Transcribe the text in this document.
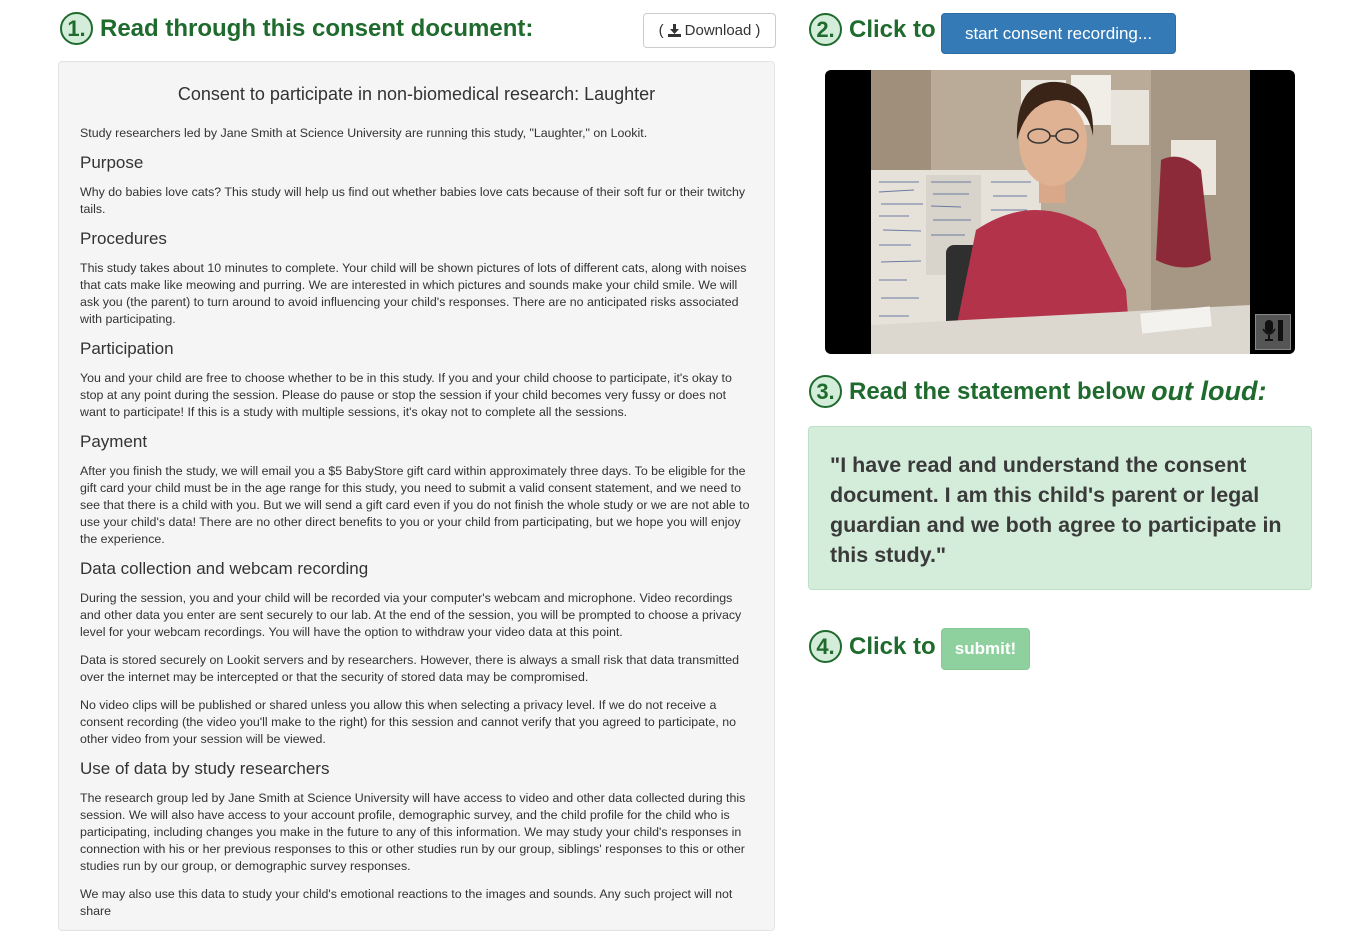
1. Read through this consent document:	( Download )
Consent to participate in non-biomedical research: Laughter

Study researchers led by Jane Smith at Science University are running this study, "Laughter," on Lookit.

Purpose

Why do babies love cats? This study will help us find out whether babies love cats because of their soft fur or their twitchy tails.

Procedures

This study takes about 10 minutes to complete. Your child will be shown pictures of lots of different cats, along with noises that cats make like meowing and purring. We are interested in which pictures and sounds make your child smile. We will ask you (the parent) to turn around to avoid influencing your child's responses. There are no anticipated risks associated with participating.

Participation

You and your child are free to choose whether to be in this study. If you and your child choose to participate, it's okay to stop at any point during the session. Please do pause or stop the session if your child becomes very fussy or does not want to participate! If this is a study with multiple sessions, it's okay not to complete all the sessions.

Payment

After you finish the study, we will email you a $5 BabyStore gift card within approximately three days. To be eligible for the gift card your child must be in the age range for this study, you need to submit a valid consent statement, and we need to see that there is a child with you. But we will send a gift card even if you do not finish the whole study or we are not able to use your child's data! There are no other direct benefits to you or your child from participating, but we hope you will enjoy the experience.

Data collection and webcam recording

During the session, you and your child will be recorded via your computer's webcam and microphone. Video recordings and other data you enter are sent securely to our lab. At the end of the session, you will be prompted to choose a privacy level for your webcam recordings. You will have the option to withdraw your video data at this point.

Data is stored securely on Lookit servers and by researchers. However, there is always a small risk that data transmitted over the internet may be intercepted or that the security of stored data may be compromised.

No video clips will be published or shared unless you allow this when selecting a privacy level. If we do not receive a consent recording (the video you'll make to the right) for this session and cannot verify that you agreed to participate, no other video from your session will be viewed.

Use of data by study researchers

The research group led by Jane Smith at Science University will have access to video and other data collected during this session. We will also have access to your account profile, demographic survey, and the child profile for the child who is participating, including changes you make in the future to any of this information. We may study your child's responses in connection with his or her previous responses to this or other studies run by our group, siblings' responses to this or other studies run by our group, or demographic survey responses.

We may also use this data to study your child's emotional reactions to the images and sounds. Any such project will not share

2. Click to	start consent recording...
3. Read the statement below out loud:
"I have read and understand the consent document. I am this child's parent or legal guardian and we both agree to participate in this study."
4. Click to	submit!
